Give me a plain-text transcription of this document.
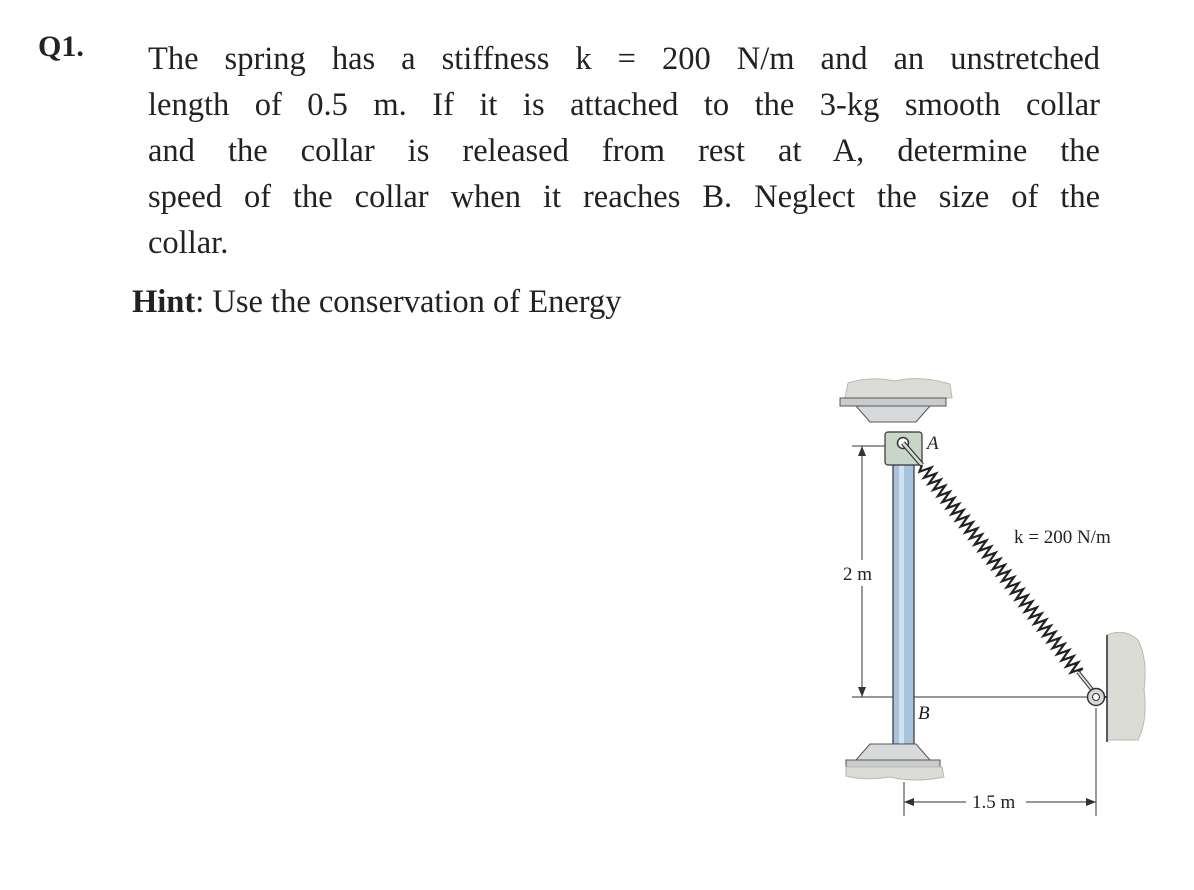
Q1. The spring has a stiffness k = 200 N/m and an unstretched
length of 0.5 m. If it is attached to the 3-kg smooth collar
and the collar is released from rest at A, determine the
speed of the collar when it reaches B. Neglect the size of the
collar.
Hint: Use the conservation of Energy
A
B
k = 200 N/m
2 m
1.5 m
